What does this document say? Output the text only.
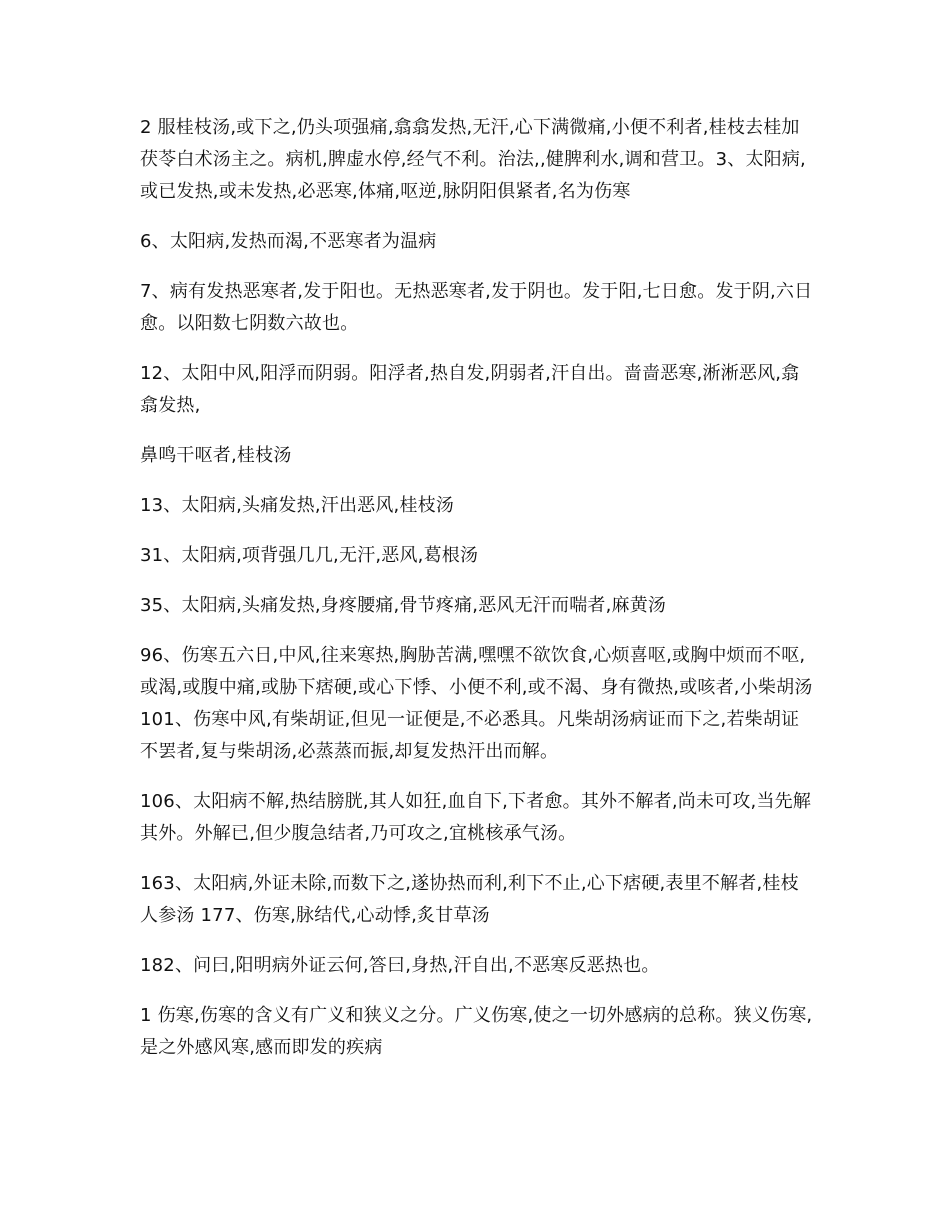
2 服桂枝汤,或下之,仍头项强痛,翕翕发热,无汗,心下满微痛,小便不利者,桂枝去桂加茯苓白术汤主之。病机,脾虚水停,经气不利。治法,,健脾利水,调和营卫。3、太阳病,或已发热,或未发热,必恶寒,体痛,呕逆,脉阴阳俱紧者,名为伤寒

6、太阳病,发热而渴,不恶寒者为温病

7、病有发热恶寒者,发于阳也。无热恶寒者,发于阴也。发于阳,七日愈。发于阴,六日愈。以阳数七阴数六故也。

12、太阳中风,阳浮而阴弱。阳浮者,热自发,阴弱者,汗自出。啬啬恶寒,淅淅恶风,翕翕发热,

鼻鸣干呕者,桂枝汤

13、太阳病,头痛发热,汗出恶风,桂枝汤

31、太阳病,项背强几几,无汗,恶风,葛根汤

35、太阳病,头痛发热,身疼腰痛,骨节疼痛,恶风无汗而喘者,麻黄汤

96、伤寒五六日,中风,往来寒热,胸胁苦满,嘿嘿不欲饮食,心烦喜呕,或胸中烦而不呕,或渴,或腹中痛,或胁下痞硬,或心下悸、小便不利,或不渴、身有微热,或咳者,小柴胡汤 101、伤寒中风,有柴胡证,但见一证便是,不必悉具。凡柴胡汤病证而下之,若柴胡证不罢者,复与柴胡汤,必蒸蒸而振,却复发热汗出而解。

106、太阳病不解,热结膀胱,其人如狂,血自下,下者愈。其外不解者,尚未可攻,当先解其外。外解已,但少腹急结者,乃可攻之,宜桃核承气汤。

163、太阳病,外证未除,而数下之,遂协热而利,利下不止,心下痞硬,表里不解者,桂枝人参汤 177、伤寒,脉结代,心动悸,炙甘草汤

182、问曰,阳明病外证云何,答曰,身热,汗自出,不恶寒反恶热也。

1 伤寒,伤寒的含义有广义和狭义之分。广义伤寒,使之一切外感病的总称。狭义伤寒,是之外感风寒,感而即发的疾病
